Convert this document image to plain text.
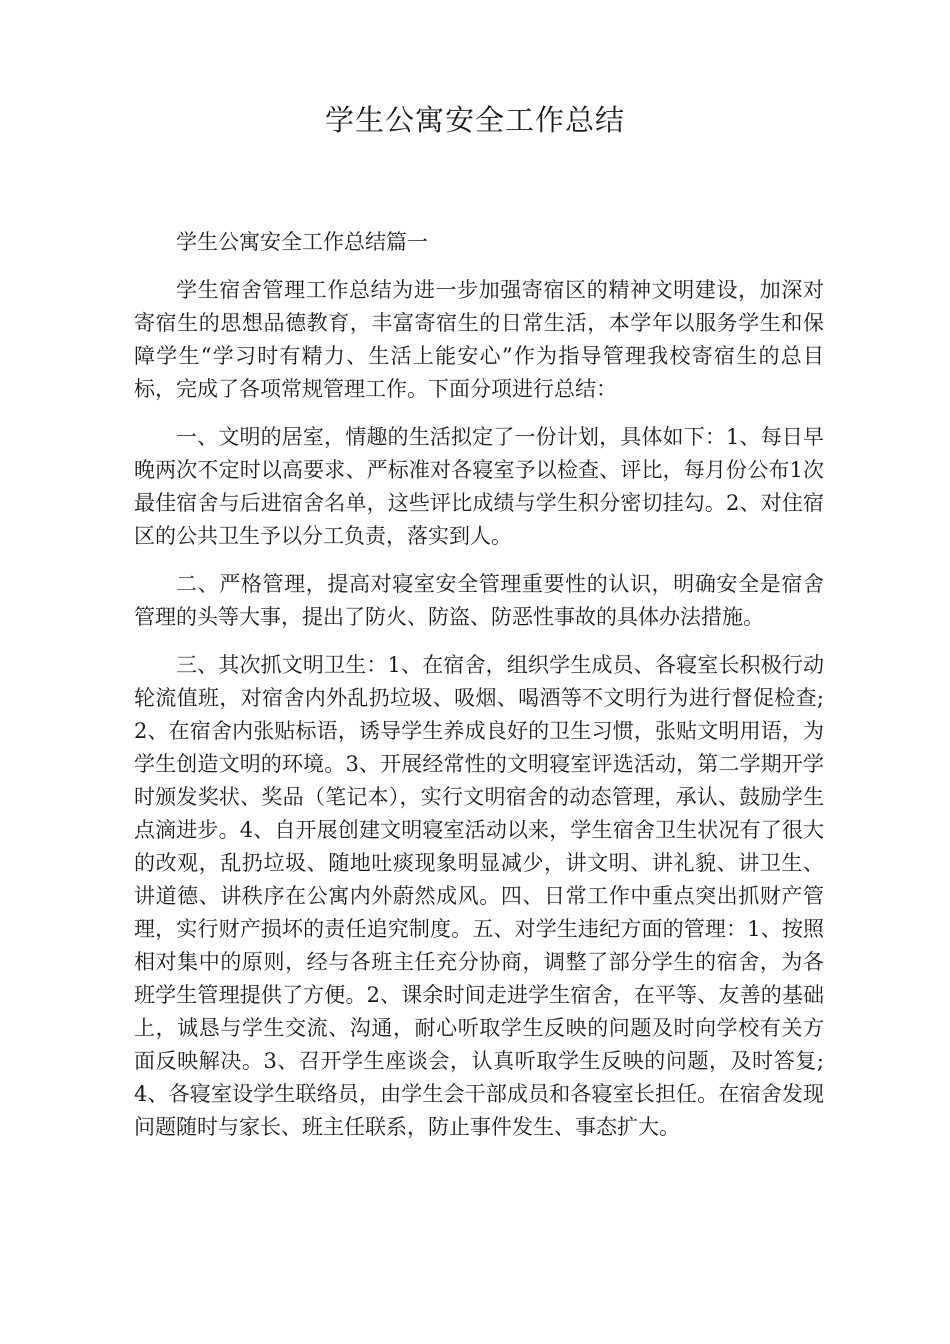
学生公寓安全工作总结

学生公寓安全工作总结篇一

学生宿舍管理工作总结为进一步加强寄宿区的精神文明建设，加深对寄宿生的思想品德教育，丰富寄宿生的日常生活，本学年以服务学生和保障学生“学习时有精力、生活上能安心”作为指导管理我校寄宿生的总目标，完成了各项常规管理工作。下面分项进行总结：

一、文明的居室，情趣的生活拟定了一份计划，具体如下：1、每日早晚两次不定时以高要求、严标准对各寝室予以检查、评比，每月份公布1次最佳宿舍与后进宿舍名单，这些评比成绩与学生积分密切挂勾。2、对住宿区的公共卫生予以分工负责，落实到人。

二、严格管理，提高对寝室安全管理重要性的认识，明确安全是宿舍管理的头等大事，提出了防火、防盗、防恶性事故的具体办法措施。

三、其次抓文明卫生：1、在宿舍，组织学生成员、各寝室长积极行动轮流值班，对宿舍内外乱扔垃圾、吸烟、喝酒等不文明行为进行督促检查;2、在宿舍内张贴标语，诱导学生养成良好的卫生习惯，张贴文明用语，为学生创造文明的环境。3、开展经常性的文明寝室评选活动，第二学期开学时颁发奖状、奖品（笔记本），实行文明宿舍的动态管理，承认、鼓励学生点滴进步。4、自开展创建文明寝室活动以来，学生宿舍卫生状况有了很大的改观，乱扔垃圾、随地吐痰现象明显减少，讲文明、讲礼貌、讲卫生、讲道德、讲秩序在公寓内外蔚然成风。四、日常工作中重点突出抓财产管理，实行财产损坏的责任追究制度。五、对学生违纪方面的管理：1、按照相对集中的原则，经与各班主任充分协商，调整了部分学生的宿舍，为各班学生管理提供了方便。2、课余时间走进学生宿舍，在平等、友善的基础上，诚恳与学生交流、沟通，耐心听取学生反映的问题及时向学校有关方面反映解决。3、召开学生座谈会，认真听取学生反映的问题，及时答复;4、各寝室设学生联络员，由学生会干部成员和各寝室长担任。在宿舍发现问题随时与家长、班主任联系，防止事件发生、事态扩大。
